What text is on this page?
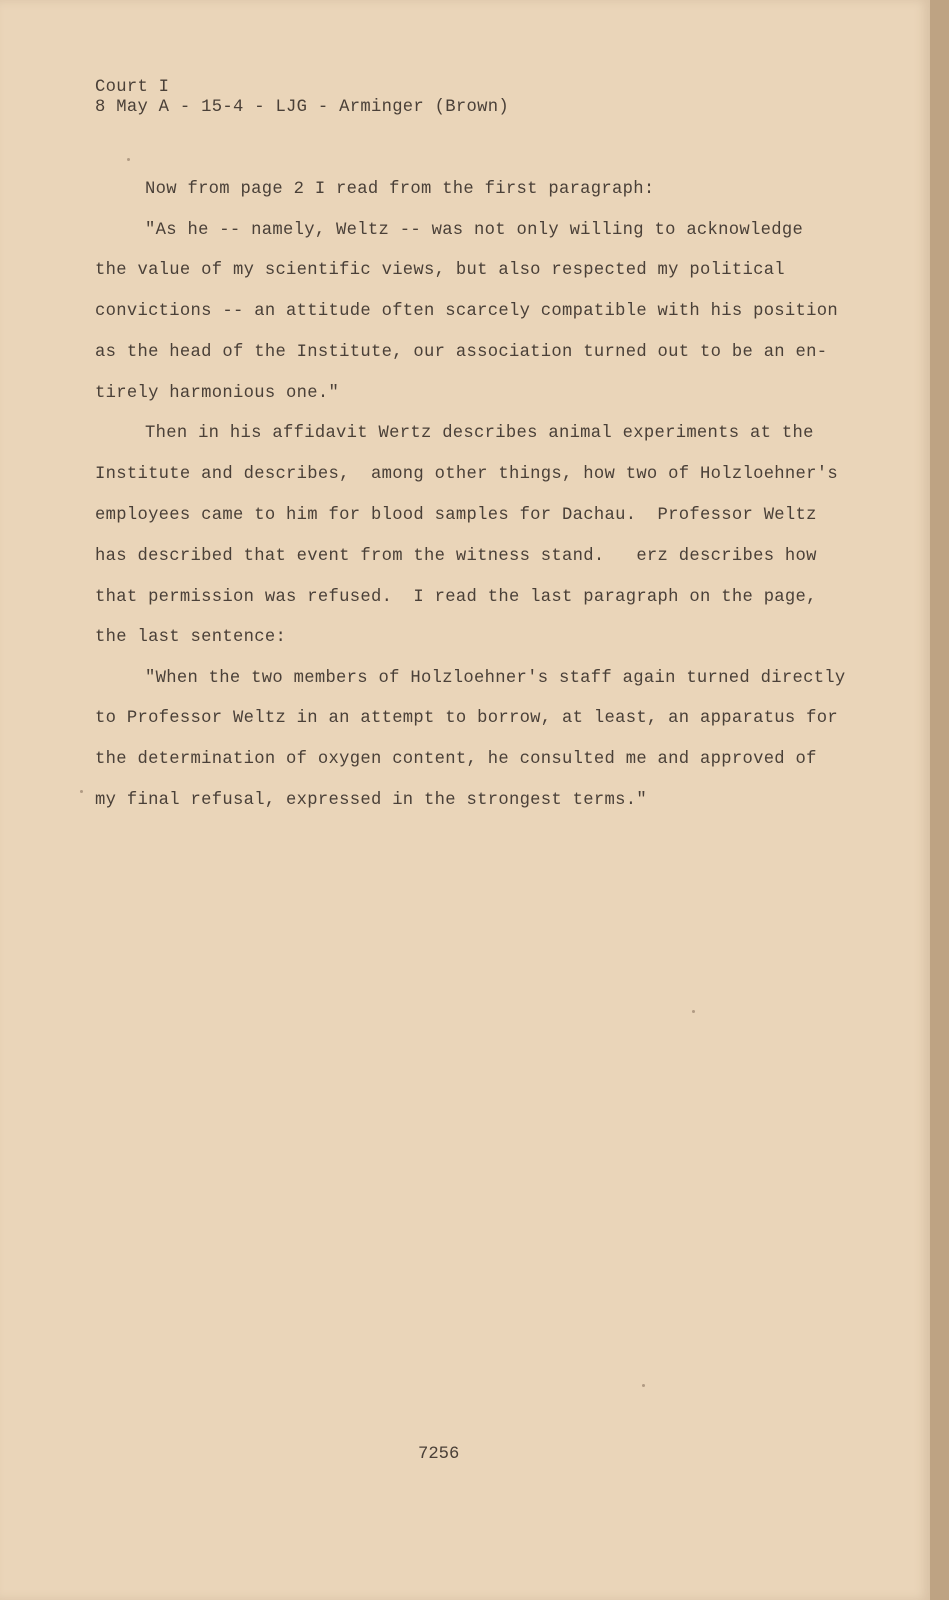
Court I
8 May A - 15-4 - LJG - Arminger (Brown)
Now from page 2 I read from the first paragraph:
"As he -- namely, Weltz -- was not only willing to acknowledge
the value of my scientific views, but also respected my political
convictions -- an attitude often scarcely compatible with his position
as the head of the Institute, our association turned out to be an en-
tirely harmonious one."
Then in his affidavit Wertz describes animal experiments at the
Institute and describes,  among other things, how two of Holzloehner's
employees came to him for blood samples for Dachau.  Professor Weltz
has described that event from the witness stand.   erz describes how
that permission was refused.  I read the last paragraph on the page,
the last sentence:
"When the two members of Holzloehner's staff again turned directly
to Professor Weltz in an attempt to borrow, at least, an apparatus for
the determination of oxygen content, he consulted me and approved of
my final refusal, expressed in the strongest terms."
7256
